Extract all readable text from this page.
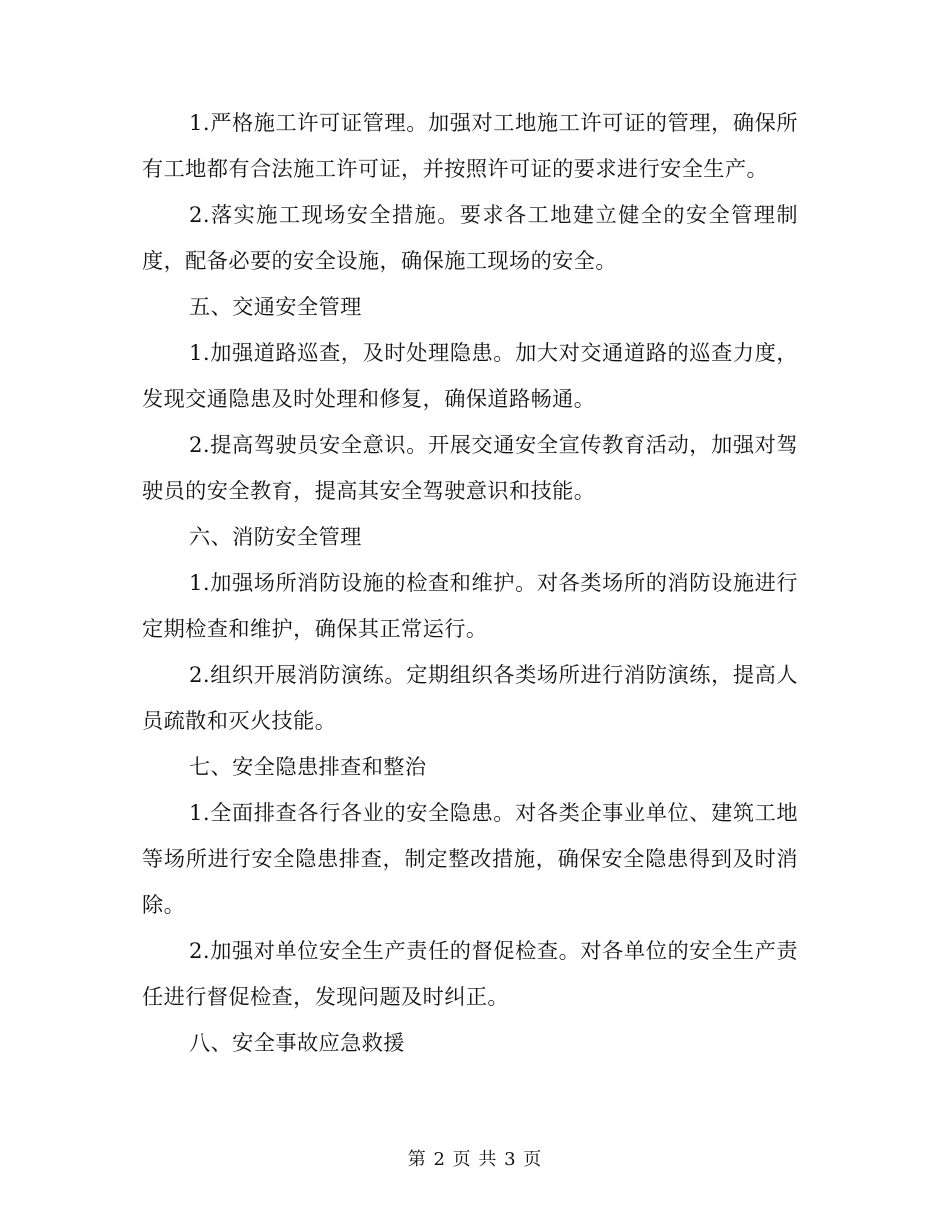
1.严格施工许可证管理。加强对工地施工许可证的管理，确保所有工地都有合法施工许可证，并按照许可证的要求进行安全生产。

2.落实施工现场安全措施。要求各工地建立健全的安全管理制度，配备必要的安全设施，确保施工现场的安全。

五、交通安全管理

1.加强道路巡查，及时处理隐患。加大对交通道路的巡查力度，发现交通隐患及时处理和修复，确保道路畅通。

2.提高驾驶员安全意识。开展交通安全宣传教育活动，加强对驾驶员的安全教育，提高其安全驾驶意识和技能。

六、消防安全管理

1.加强场所消防设施的检查和维护。对各类场所的消防设施进行定期检查和维护，确保其正常运行。

2.组织开展消防演练。定期组织各类场所进行消防演练，提高人员疏散和灭火技能。

七、安全隐患排查和整治

1.全面排查各行各业的安全隐患。对各类企事业单位、建筑工地等场所进行安全隐患排查，制定整改措施，确保安全隐患得到及时消除。

2.加强对单位安全生产责任的督促检查。对各单位的安全生产责任进行督促检查，发现问题及时纠正。

八、安全事故应急救援

第 2 页 共 3 页
